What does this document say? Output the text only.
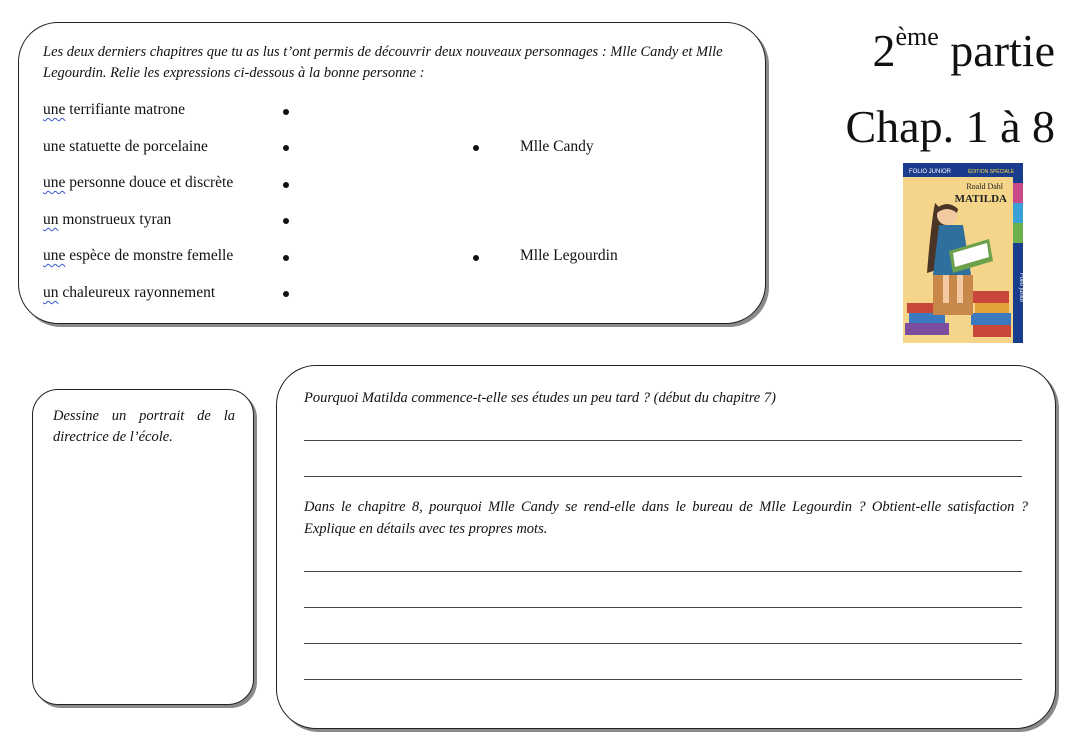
2ème partie
Chap. 1 à 8
FOLIO JUNIOR	ÉDITION SPÉCIALE
Roald Dahl
MATILDA
Folio junior

Les deux derniers chapitres que tu as lus t’ont permis de découvrir deux nouveaux personnages : Mlle Candy et Mlle Legourdin. Relie les expressions ci-dessous à la bonne personne :

une terrifiante matrone
une statuette de porcelaine
une personne douce et discrète
un monstrueux tyran
une espèce de monstre femelle
un chaleureux rayonnement
Mlle Candy
Mlle Legourdin

Dessine un portrait de la directrice de l’école.

Pourquoi Matilda commence-t-elle ses études un peu tard ? (début du chapitre 7)

Dans le chapitre 8, pourquoi Mlle Candy se rend-elle dans le bureau de Mlle Legourdin ? Obtient-elle satisfaction ? Explique en détails avec tes propres mots.
